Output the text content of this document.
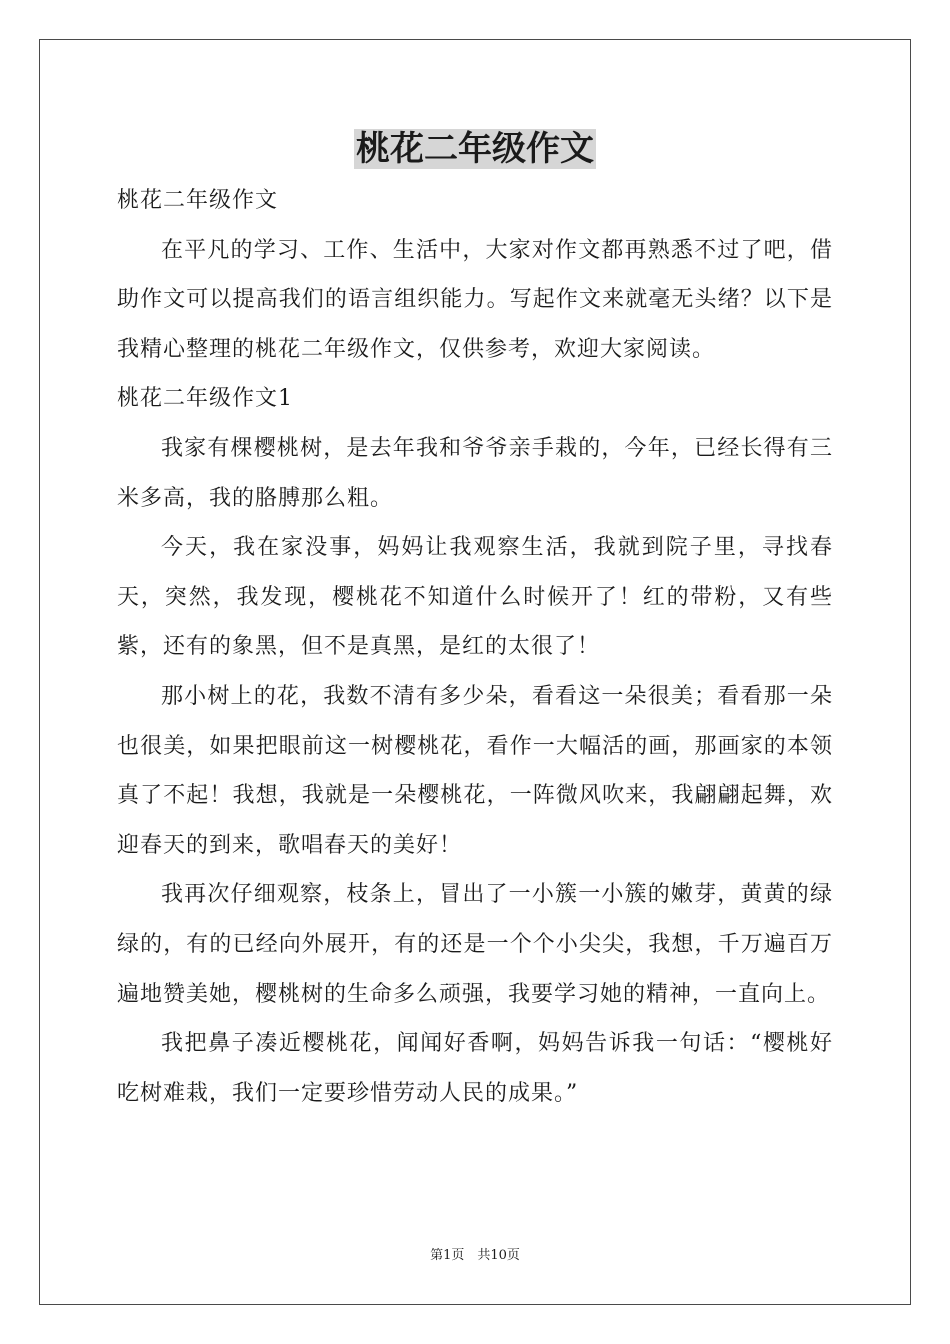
桃花二年级作文

桃花二年级作文

在平凡的学习、工作、生活中，大家对作文都再熟悉不过了吧，借助作文可以提高我们的语言组织能力。写起作文来就毫无头绪？以下是我精心整理的桃花二年级作文，仅供参考，欢迎大家阅读。

桃花二年级作文1

我家有棵樱桃树，是去年我和爷爷亲手栽的，今年，已经长得有三米多高，我的胳膊那么粗。

今天，我在家没事，妈妈让我观察生活，我就到院子里，寻找春天，突然，我发现，樱桃花不知道什么时候开了！红的带粉，又有些紫，还有的象黑，但不是真黑，是红的太很了！

那小树上的花，我数不清有多少朵，看看这一朵很美；看看那一朵也很美，如果把眼前这一树樱桃花，看作一大幅活的画，那画家的本领真了不起！我想，我就是一朵樱桃花，一阵微风吹来，我翩翩起舞，欢迎春天的到来，歌唱春天的美好！

我再次仔细观察，枝条上，冒出了一小簇一小簇的嫩芽，黄黄的绿绿的，有的已经向外展开，有的还是一个个小尖尖，我想，千万遍百万遍地赞美她，樱桃树的生命多么顽强，我要学习她的精神，一直向上。

我把鼻子凑近樱桃花，闻闻好香啊，妈妈告诉我一句话：“樱桃好吃树难栽，我们一定要珍惜劳动人民的成果。”

第1页　共10页
